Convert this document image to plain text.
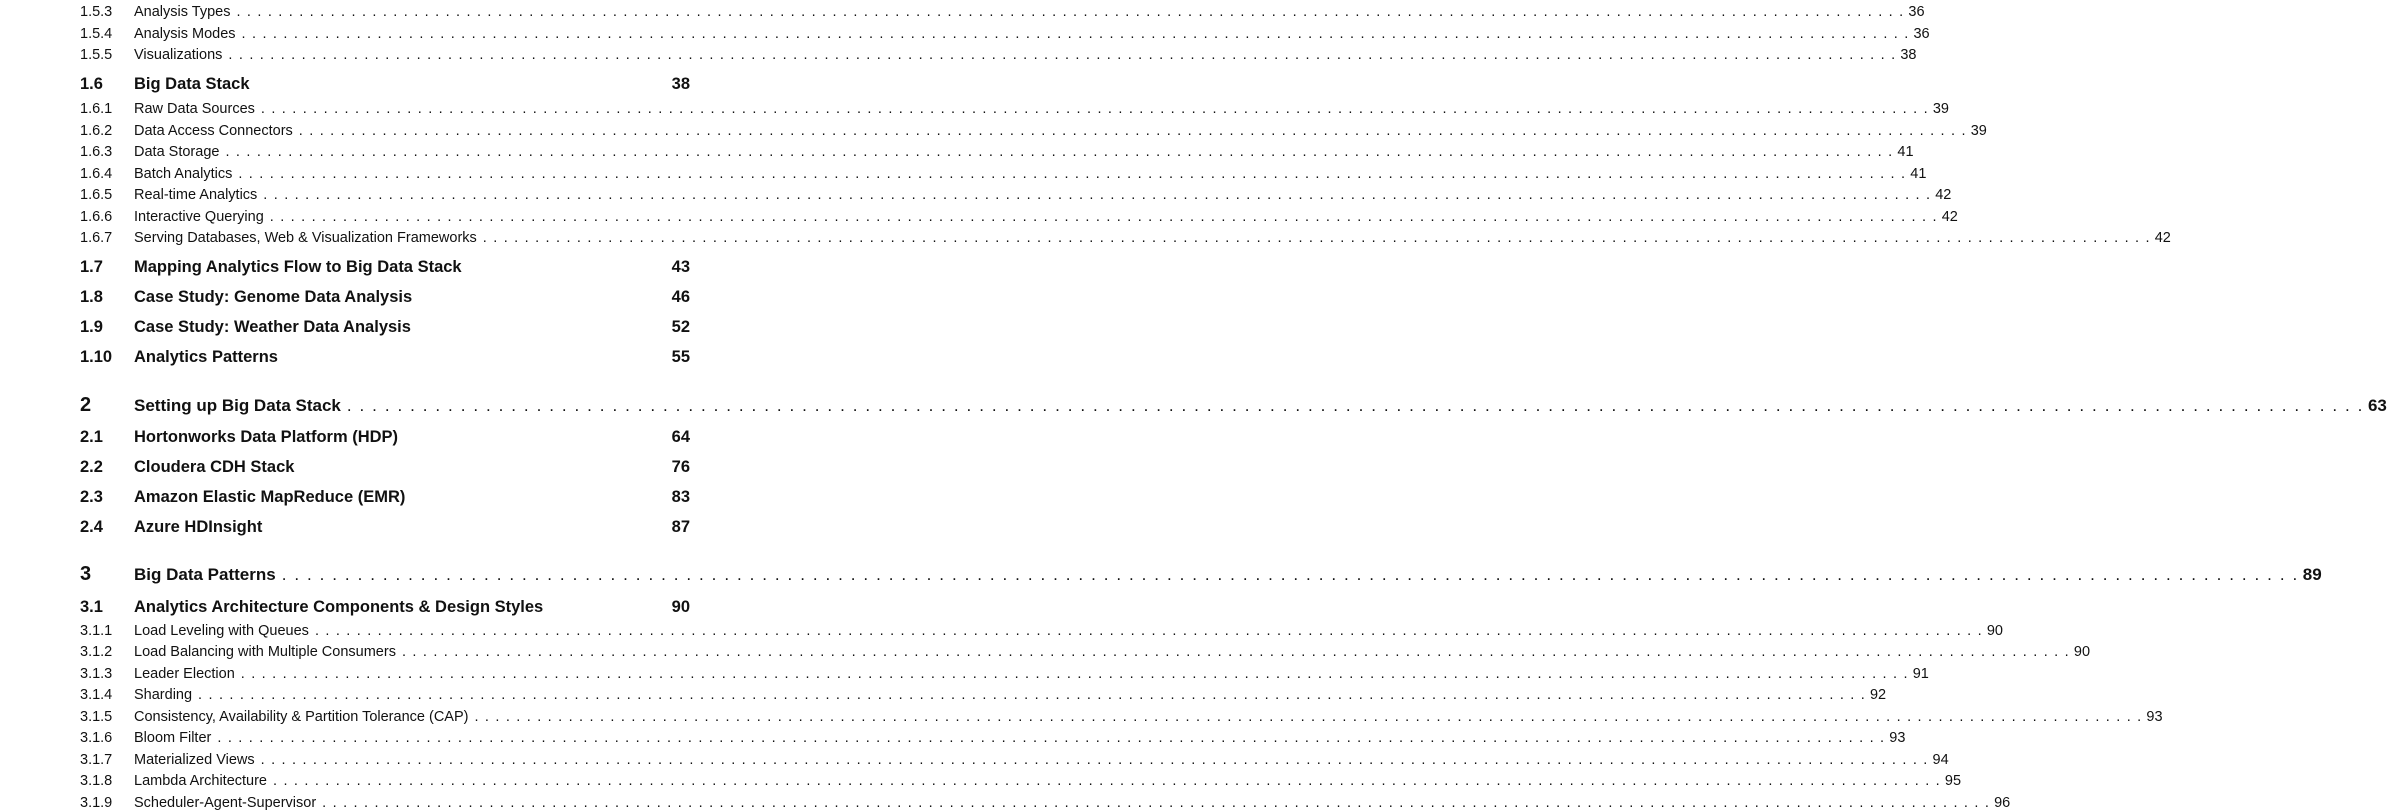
1.5.3	Analysis Types . . . . . . . . . . . . . . . . . . . . . . . . . . . . . . . . . . . . . . . . . . . . . . . . . . . . . . . . . . . . . . . . . . . . . . . . . . . . . . . . . . . . . . . . . . . . . . . . . . . . . . . . . . . . . . . . . . . . . . . . . . . . . . . . . . . . . . . . . . . . . . . . . . . . . . . . . . . . . . . . 36
1.5.4	Analysis Modes . . . . . . . . . . . . . . . . . . . . . . . . . . . . . . . . . . . . . . . . . . . . . . . . . . . . . . . . . . . . . . . . . . . . . . . . . . . . . . . . . . . . . . . . . . . . . . . . . . . . . . . . . . . . . . . . . . . . . . . . . . . . . . . . . . . . . . . . . . . . . . . . . . . . . . . . . . . . . . . . 36
1.5.5	Visualizations . . . . . . . . . . . . . . . . . . . . . . . . . . . . . . . . . . . . . . . . . . . . . . . . . . . . . . . . . . . . . . . . . . . . . . . . . . . . . . . . . . . . . . . . . . . . . . . . . . . . . . . . . . . . . . . . . . . . . . . . . . . . . . . . . . . . . . . . . . . . . . . . . . . . . . . . . . . . . . . . 38
1.6	Big Data Stack	38
1.6.1	Raw Data Sources . . . . . . . . . . . . . . . . . . . . . . . . . . . . . . . . . . . . . . . . . . . . . . . . . . . . . . . . . . . . . . . . . . . . . . . . . . . . . . . . . . . . . . . . . . . . . . . . . . . . . . . . . . . . . . . . . . . . . . . . . . . . . . . . . . . . . . . . . . . . . . . . . . . . . . . . . . . . . . . . 39
1.6.2	Data Access Connectors . . . . . . . . . . . . . . . . . . . . . . . . . . . . . . . . . . . . . . . . . . . . . . . . . . . . . . . . . . . . . . . . . . . . . . . . . . . . . . . . . . . . . . . . . . . . . . . . . . . . . . . . . . . . . . . . . . . . . . . . . . . . . . . . . . . . . . . . . . . . . . . . . . . . . . . . . . . . . . . . 39
1.6.3	Data Storage . . . . . . . . . . . . . . . . . . . . . . . . . . . . . . . . . . . . . . . . . . . . . . . . . . . . . . . . . . . . . . . . . . . . . . . . . . . . . . . . . . . . . . . . . . . . . . . . . . . . . . . . . . . . . . . . . . . . . . . . . . . . . . . . . . . . . . . . . . . . . . . . . . . . . . . . . . . . . . . . 41
1.6.4	Batch Analytics . . . . . . . . . . . . . . . . . . . . . . . . . . . . . . . . . . . . . . . . . . . . . . . . . . . . . . . . . . . . . . . . . . . . . . . . . . . . . . . . . . . . . . . . . . . . . . . . . . . . . . . . . . . . . . . . . . . . . . . . . . . . . . . . . . . . . . . . . . . . . . . . . . . . . . . . . . . . . . . . 41
1.6.5	Real-time Analytics . . . . . . . . . . . . . . . . . . . . . . . . . . . . . . . . . . . . . . . . . . . . . . . . . . . . . . . . . . . . . . . . . . . . . . . . . . . . . . . . . . . . . . . . . . . . . . . . . . . . . . . . . . . . . . . . . . . . . . . . . . . . . . . . . . . . . . . . . . . . . . . . . . . . . . . . . . . . . . . . 42
1.6.6	Interactive Querying . . . . . . . . . . . . . . . . . . . . . . . . . . . . . . . . . . . . . . . . . . . . . . . . . . . . . . . . . . . . . . . . . . . . . . . . . . . . . . . . . . . . . . . . . . . . . . . . . . . . . . . . . . . . . . . . . . . . . . . . . . . . . . . . . . . . . . . . . . . . . . . . . . . . . . . . . . . . . . . . 42
1.6.7	Serving Databases, Web & Visualization Frameworks . . . . . . . . . . . . . . . . . . . . . . . . . . . . . . . . . . . . . . . . . . . . . . . . . . . . . . . . . . . . . . . . . . . . . . . . . . . . . . . . . . . . . . . . . . . . . . . . . . . . . . . . . . . . . . . . . . . . . . . . . . . . . . . . . . . . . . . . . . . . . . . . . . . . . . . . . . . . . . . . 42
1.7	Mapping Analytics Flow to Big Data Stack	43
1.8	Case Study: Genome Data Analysis	46
1.9	Case Study: Weather Data Analysis	52
1.10	Analytics Patterns	55
2	Setting up Big Data Stack . . . . . . . . . . . . . . . . . . . . . . . . . . . . . . . . . . . . . . . . . . . . . . . . . . . . . . . . . . . . . . . . . . . . . . . . . . . . . . . . . . . . . . . . . . . . . . . . . . . . . . . . . . . . . . . . . . . . . . . . . . . . . . . . . . . . . . . . . . . . . . . . . . . . . . . . . . . . . . . . 63
2.1	Hortonworks Data Platform (HDP)	64
2.2	Cloudera CDH Stack	76
2.3	Amazon Elastic MapReduce (EMR)	83
2.4	Azure HDInsight	87
3	Big Data Patterns . . . . . . . . . . . . . . . . . . . . . . . . . . . . . . . . . . . . . . . . . . . . . . . . . . . . . . . . . . . . . . . . . . . . . . . . . . . . . . . . . . . . . . . . . . . . . . . . . . . . . . . . . . . . . . . . . . . . . . . . . . . . . . . . . . . . . . . . . . . . . . . . . . . . . . . . . . . . . . . . 89
3.1	Analytics Architecture Components & Design Styles	90
3.1.1	Load Leveling with Queues . . . . . . . . . . . . . . . . . . . . . . . . . . . . . . . . . . . . . . . . . . . . . . . . . . . . . . . . . . . . . . . . . . . . . . . . . . . . . . . . . . . . . . . . . . . . . . . . . . . . . . . . . . . . . . . . . . . . . . . . . . . . . . . . . . . . . . . . . . . . . . . . . . . . . . . . . . . . . . . . 90
3.1.2	Load Balancing with Multiple Consumers . . . . . . . . . . . . . . . . . . . . . . . . . . . . . . . . . . . . . . . . . . . . . . . . . . . . . . . . . . . . . . . . . . . . . . . . . . . . . . . . . . . . . . . . . . . . . . . . . . . . . . . . . . . . . . . . . . . . . . . . . . . . . . . . . . . . . . . . . . . . . . . . . . . . . . . . . . . . . . . . 90
3.1.3	Leader Election . . . . . . . . . . . . . . . . . . . . . . . . . . . . . . . . . . . . . . . . . . . . . . . . . . . . . . . . . . . . . . . . . . . . . . . . . . . . . . . . . . . . . . . . . . . . . . . . . . . . . . . . . . . . . . . . . . . . . . . . . . . . . . . . . . . . . . . . . . . . . . . . . . . . . . . . . . . . . . . . 91
3.1.4	Sharding . . . . . . . . . . . . . . . . . . . . . . . . . . . . . . . . . . . . . . . . . . . . . . . . . . . . . . . . . . . . . . . . . . . . . . . . . . . . . . . . . . . . . . . . . . . . . . . . . . . . . . . . . . . . . . . . . . . . . . . . . . . . . . . . . . . . . . . . . . . . . . . . . . . . . . . . . . . . . . . . 92
3.1.5	Consistency, Availability & Partition Tolerance (CAP) . . . . . . . . . . . . . . . . . . . . . . . . . . . . . . . . . . . . . . . . . . . . . . . . . . . . . . . . . . . . . . . . . . . . . . . . . . . . . . . . . . . . . . . . . . . . . . . . . . . . . . . . . . . . . . . . . . . . . . . . . . . . . . . . . . . . . . . . . . . . . . . . . . . . . . . . . . . . . . . . 93
3.1.6	Bloom Filter . . . . . . . . . . . . . . . . . . . . . . . . . . . . . . . . . . . . . . . . . . . . . . . . . . . . . . . . . . . . . . . . . . . . . . . . . . . . . . . . . . . . . . . . . . . . . . . . . . . . . . . . . . . . . . . . . . . . . . . . . . . . . . . . . . . . . . . . . . . . . . . . . . . . . . . . . . . . . . . . 93
3.1.7	Materialized Views . . . . . . . . . . . . . . . . . . . . . . . . . . . . . . . . . . . . . . . . . . . . . . . . . . . . . . . . . . . . . . . . . . . . . . . . . . . . . . . . . . . . . . . . . . . . . . . . . . . . . . . . . . . . . . . . . . . . . . . . . . . . . . . . . . . . . . . . . . . . . . . . . . . . . . . . . . . . . . . . 94
3.1.8	Lambda Architecture . . . . . . . . . . . . . . . . . . . . . . . . . . . . . . . . . . . . . . . . . . . . . . . . . . . . . . . . . . . . . . . . . . . . . . . . . . . . . . . . . . . . . . . . . . . . . . . . . . . . . . . . . . . . . . . . . . . . . . . . . . . . . . . . . . . . . . . . . . . . . . . . . . . . . . . . . . . . . . . . 95
3.1.9	Scheduler-Agent-Supervisor . . . . . . . . . . . . . . . . . . . . . . . . . . . . . . . . . . . . . . . . . . . . . . . . . . . . . . . . . . . . . . . . . . . . . . . . . . . . . . . . . . . . . . . . . . . . . . . . . . . . . . . . . . . . . . . . . . . . . . . . . . . . . . . . . . . . . . . . . . . . . . . . . . . . . . . . . . . . . . . . 96
